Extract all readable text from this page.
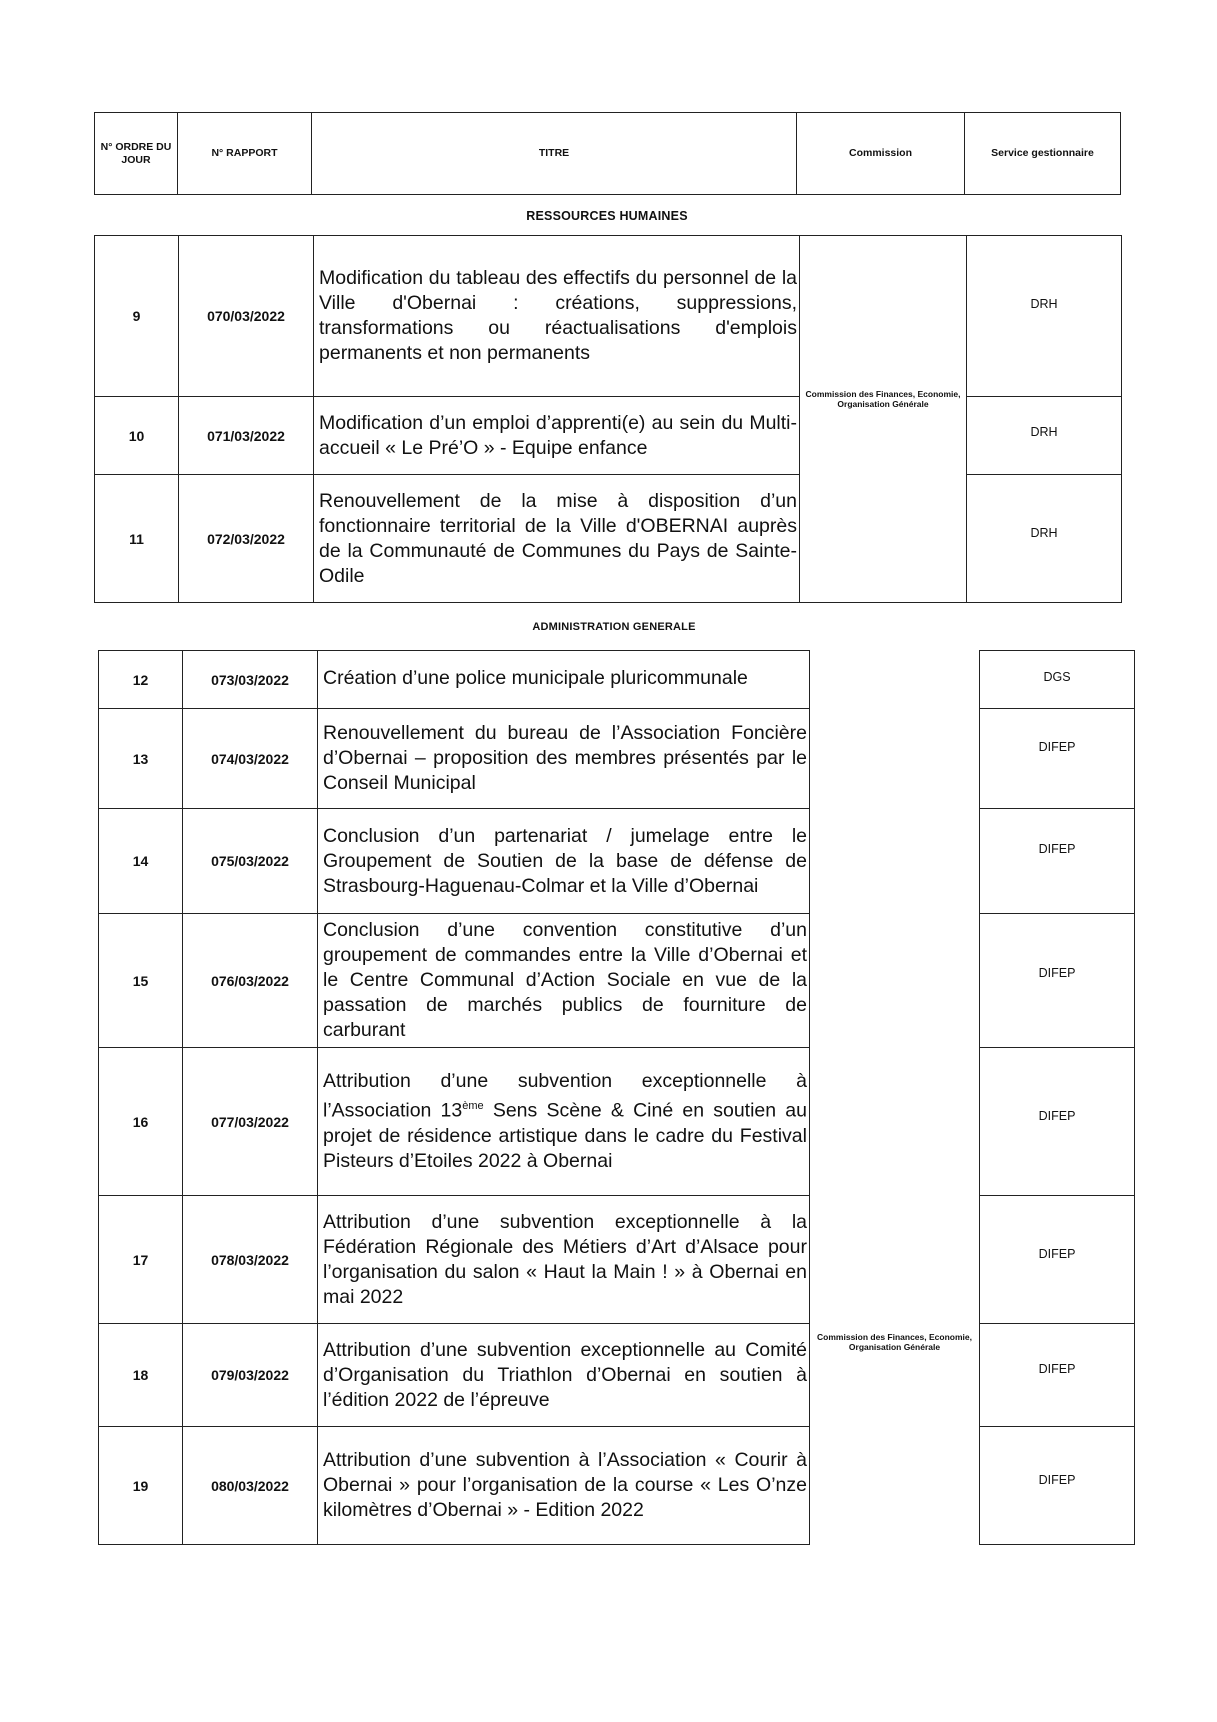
N° ORDRE DU JOUR	N° RAPPORT	TITRE	Commission	Service gestionnaire
RESSOURCES HUMAINES
9	070/03/2022	Modification du tableau des effectifs du personnel de la Ville d'Obernai : créations, suppressions, transformations ou réactualisations d'emplois permanents et non permanents	Commission des Finances, Economie, Organisation Générale	DRH

10	071/03/2022	Modification d’un emploi d’apprenti(e) au sein du Multi-accueil « Le Pré’O » - Equipe enfance		DRH

11	072/03/2022	Renouvellement de la mise à disposition d’un fonctionnaire territorial de la Ville d'OBERNAI auprès de la Communauté de Communes du Pays de Sainte-Odile		DRH
ADMINISTRATION GENERALE
12	073/03/2022	Création d’une police municipale pluricommunale	Commission des Finances, Economie, Organisation Générale	DGS

13	074/03/2022	Renouvellement du bureau de l’Association Foncière d’Obernai – proposition des membres présentés par le Conseil Municipal		DIFEP

14	075/03/2022	Conclusion d’un partenariat / jumelage entre le Groupement de Soutien de la base de défense de Strasbourg-Haguenau-Colmar et la Ville d’Obernai		DIFEP

15	076/03/2022	Conclusion d’une convention constitutive d’un groupement de commandes entre la Ville d’Obernai et le Centre Communal d’Action Sociale en vue de la passation de marchés publics de fourniture de carburant		DIFEP

16	077/03/2022	Attribution d’une subvention exceptionnelle à l’Association 13ème Sens Scène & Ciné en soutien au projet de résidence artistique dans le cadre du Festival Pisteurs d’Etoiles 2022 à Obernai		DIFEP

17	078/03/2022	Attribution d’une subvention exceptionnelle à la Fédération Régionale des Métiers d’Art d’Alsace pour l’organisation du salon « Haut la Main ! » à Obernai en mai 2022		DIFEP

18	079/03/2022	Attribution d’une subvention exceptionnelle au Comité d’Organisation du Triathlon d’Obernai en soutien à l’édition 2022 de l’épreuve		DIFEP

19	080/03/2022	Attribution d’une subvention à l’Association « Courir à Obernai » pour l’organisation de la course « Les O’nze kilomètres d’Obernai » - Edition 2022		DIFEP
